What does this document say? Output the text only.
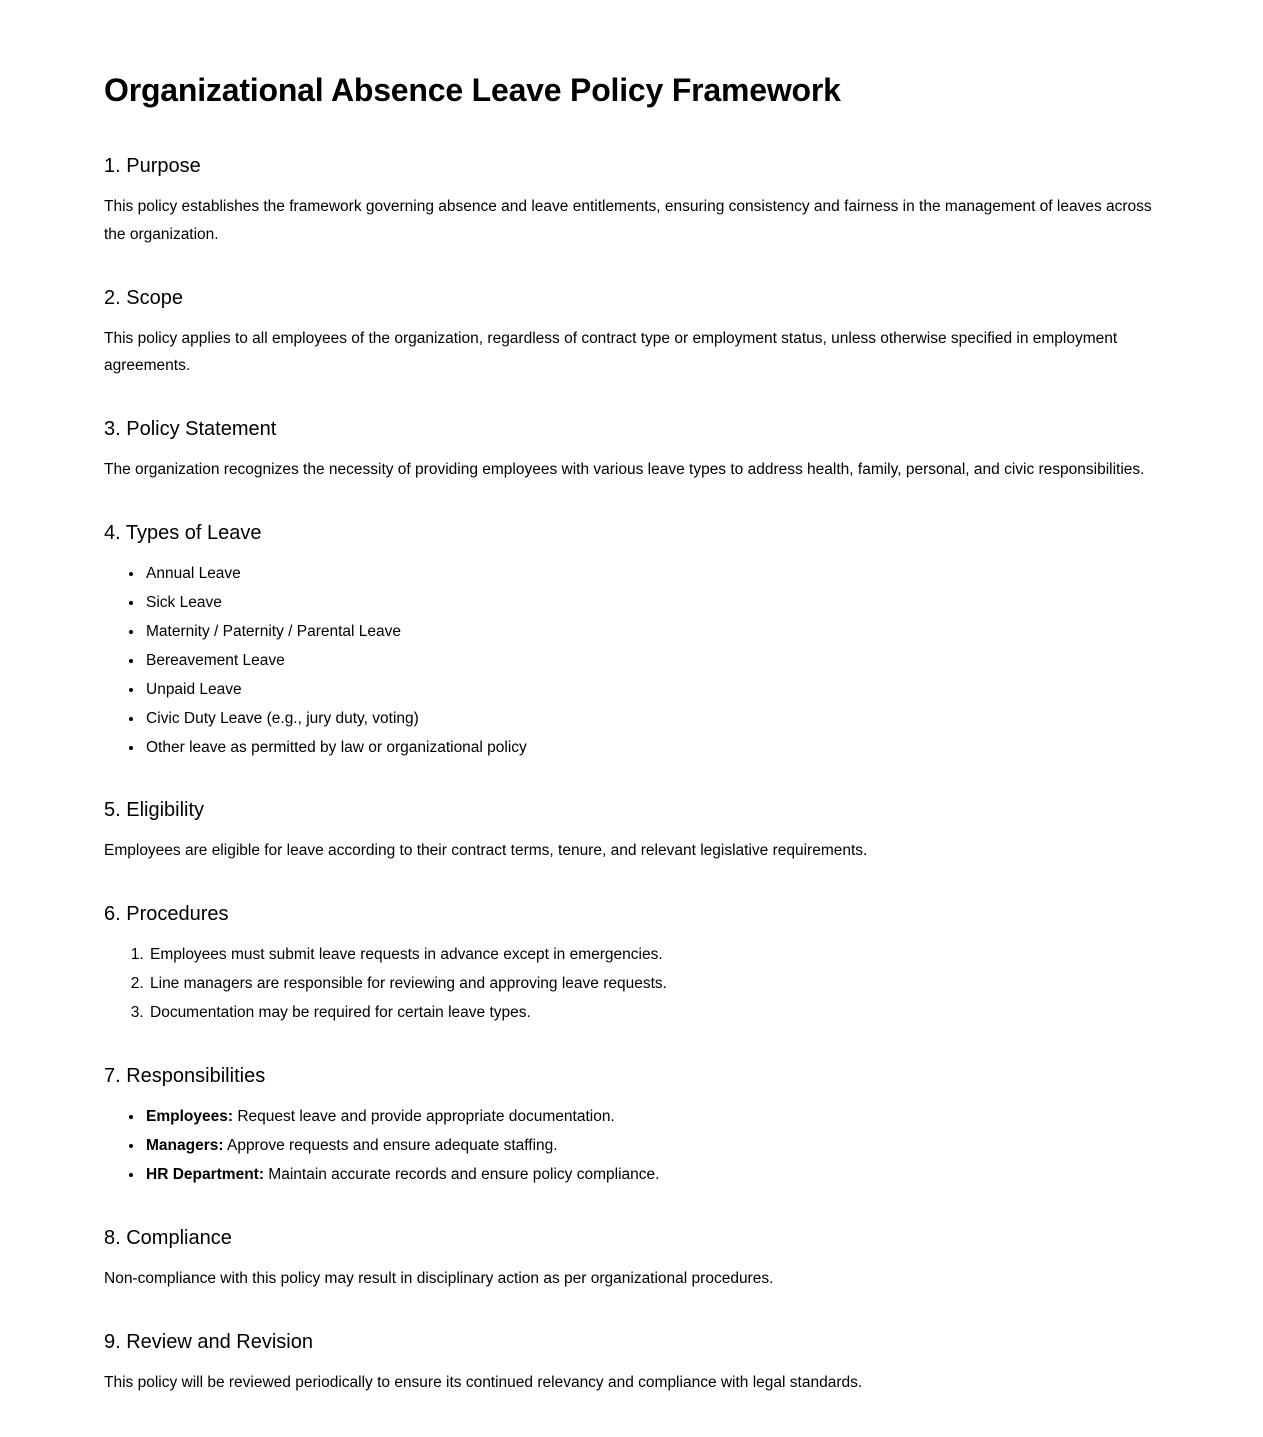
Organizational Absence Leave Policy Framework
1. Purpose

This policy establishes the framework governing absence and leave entitlements, ensuring consistency and fairness in the management of leaves across the organization.

2. Scope

This policy applies to all employees of the organization, regardless of contract type or employment status, unless otherwise specified in employment agreements.

3. Policy Statement

The organization recognizes the necessity of providing employees with various leave types to address health, family, personal, and civic responsibilities.

4. Types of Leave
• Annual Leave
• Sick Leave
• Maternity / Paternity / Parental Leave
• Bereavement Leave
• Unpaid Leave
• Civic Duty Leave (e.g., jury duty, voting)
• Other leave as permitted by law or organizational policy
5. Eligibility

Employees are eligible for leave according to their contract terms, tenure, and relevant legislative requirements.

6. Procedures
1. Employees must submit leave requests in advance except in emergencies.
2. Line managers are responsible for reviewing and approving leave requests.
3. Documentation may be required for certain leave types.
7. Responsibilities
• Employees: Request leave and provide appropriate documentation.
• Managers: Approve requests and ensure adequate staffing.
• HR Department: Maintain accurate records and ensure policy compliance.
8. Compliance

Non-compliance with this policy may result in disciplinary action as per organizational procedures.

9. Review and Revision

This policy will be reviewed periodically to ensure its continued relevancy and compliance with legal standards.
